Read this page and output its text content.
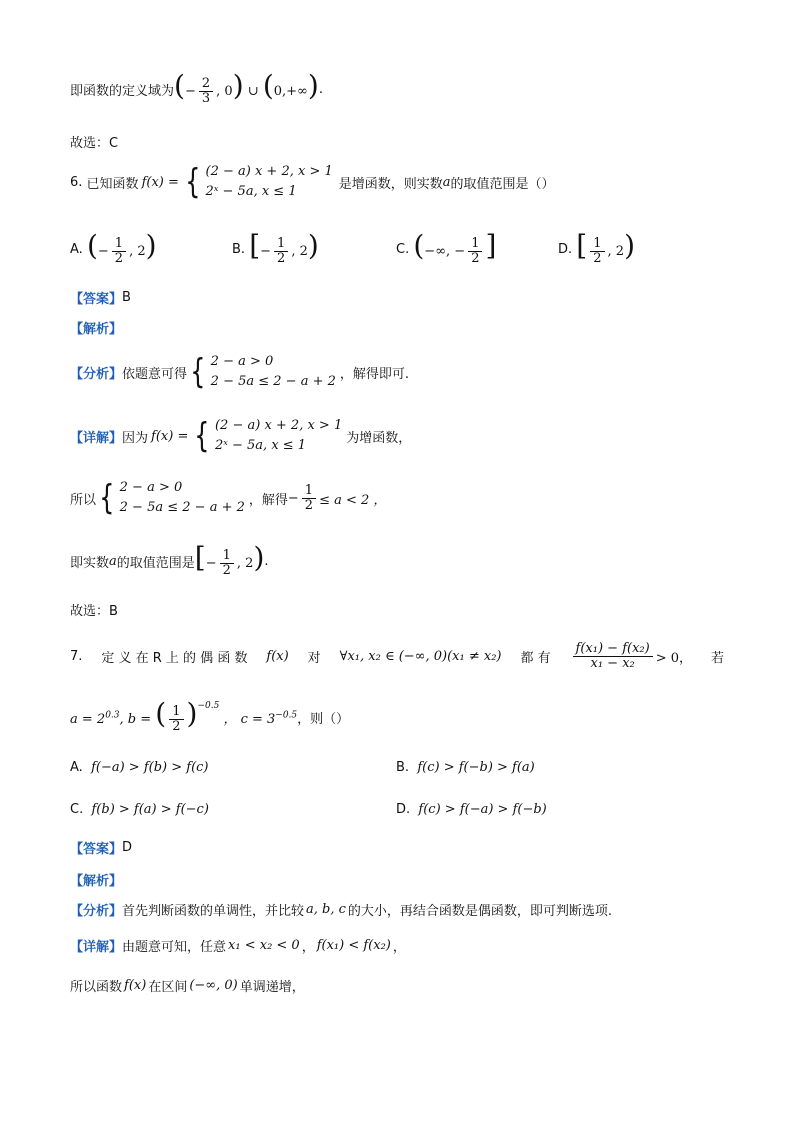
即函数的定义域为 (− $\frac{2}{3}$ , 0) ∪ (0,+∞) .
故选：C
6.
已知函数 f(x) = { (2 − a) x + 2, x > 1
2ˣ − 5a, x ≤ 1	是增函数，则实数 a 的取值范围是（）
A.
(− $\frac{1}{2}$ , 2)	B.
[− $\frac{1}{2}$ , 2)	C.
(−∞, − $\frac{1}{2}$ ]	D.
[ $\frac{1}{2}$ , 2)
【答案】 B
【解析】
【分析】 依题意可得 { 2 − a > 0
2 − 5a ≤ 2 − a + 2 ，解得即可.
【详解】 因为 f(x) = { (2 − a) x + 2, x > 1
2ˣ − 5a, x ≤ 1	为增函数，
所以 { 2 − a > 0
2 − 5a ≤ 2 − a + 2 ，解得 − $\frac{1}{2} \le a < 2$ ，
即实数 a 的取值范围是 [− $\frac{1}{2}$ , 2) .
故选：B
7. 定 义 在 R 上 的 偶 函 数 f(x) 对 ∀x₁, x₂ ∈ (−∞, 0)(x₁ ≠ x₂) 都 有 $\frac{\text{f(x₁) − f(x₂)}}{\text{x₁ − x₂}} > 0$， 若
$a = 2^{0.3}$, b = ( $\frac{1}{2} )^{-0.5}$ ， $c = 3^{-0.5}$ ，则（）
A.
f(−a) > f(b) > f(c)	B.
f(c) > f(−b) > f(a)
C.
f(b) > f(a) > f(−c)	D.
f(c) > f(−a) > f(−b)
【答案】 D
【解析】
【分析】 首先判断函数的单调性，并比较 a, b, c 的大小，再结合函数是偶函数，即可判断选项.
【详解】 由题意可知，任意 x₁ < x₂ < 0 ， f(x₁) < f(x₂) ，
所以函数 f(x) 在区间 (−∞, 0) 单调递增，
